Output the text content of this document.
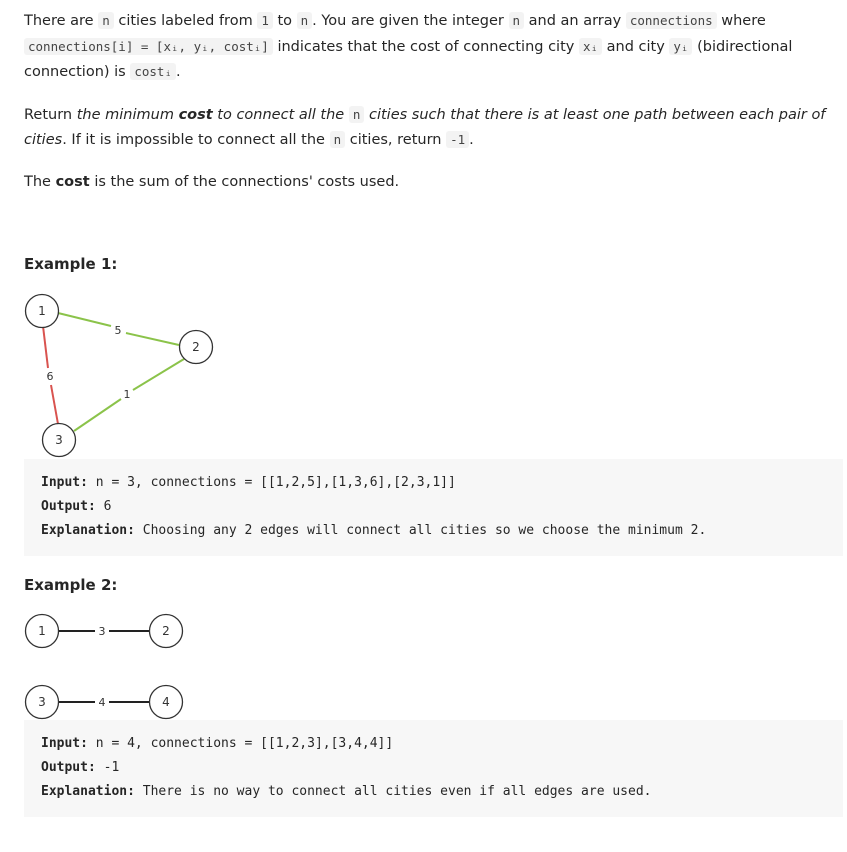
There are n cities labeled from 1 to n . You are given the integer n and an array connections where
connections[i] = [xᵢ, yᵢ, costᵢ] indicates that the cost of connecting city xᵢ and city yᵢ (bidirectional
connection) is costᵢ .
Return the minimum cost to connect all the n cities such that there is at least one path between each pair of
cities. If it is impossible to connect all the n cities, return -1 .
The cost is the sum of the connections' costs used.
Example 1:
5
6
1
1
2
3
Input: n = 3, connections = [[1,2,5],[1,3,6],[2,3,1]]
Output: 6
Explanation: Choosing any 2 edges will connect all cities so we choose the minimum 2.
Example 2:
3
1	2
4
3	4
Input: n = 4, connections = [[1,2,3],[3,4,4]]
Output: -1
Explanation: There is no way to connect all cities even if all edges are used.
